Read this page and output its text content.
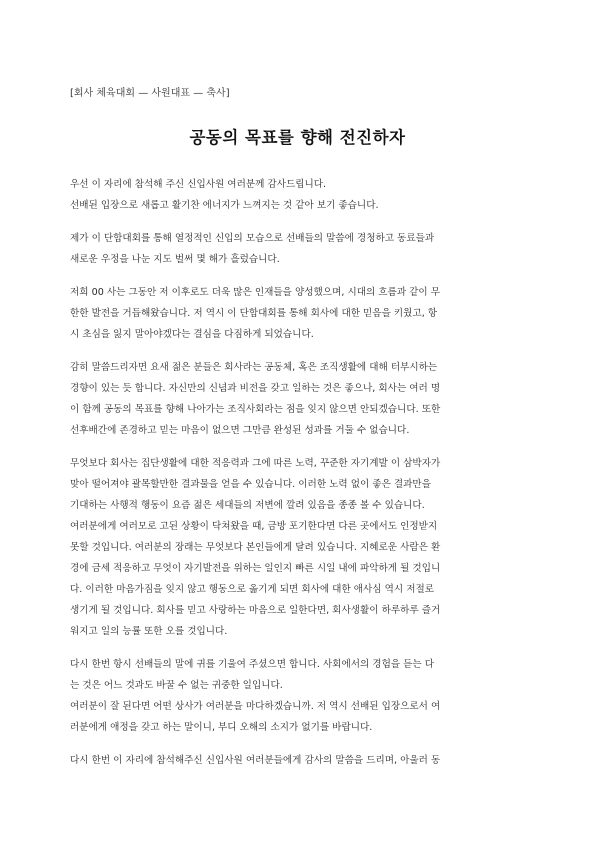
[회사 체육대회 — 사원대표 — 축사]
공동의 목표를 향해 전진하자
우선 이 자리에 참석해 주신 신입사원 여러분께 감사드립니다.
선배된 입장으로 새롭고 활기찬 에너지가 느껴지는 것 같아 보기 좋습니다.
제가 이 단합대회를 통해 열정적인 신입의 모습으로 선배들의 말씀에 경청하고 동료들과
새로운 우정을 나눈 지도 벌써 몇 해가 흘렀습니다.
저희 00 사는 그동안 저 이후로도 더욱 많은 인재들을 양성했으며, 시대의 흐름과 같이 무
한한 발전을 거듭해왔습니다. 저 역시 이 단합대회를 통해 회사에 대한 믿음을 키웠고, 항
시 초심을 잃지 말아야겠다는 결심을 다짐하게 되었습니다.
감히 말씀드리자면 요새 젊은 분들은 회사라는 공동체, 혹은 조직생활에 대해 터부시하는
경향이 있는 듯 합니다. 자신만의 신념과 비전을 갖고 일하는 것은 좋으나, 회사는 여러 명
이 함께 공동의 목표를 향해 나아가는 조직사회라는 점을 잊지 않으면 안되겠습니다. 또한
선후배간에 존경하고 믿는 마음이 없으면 그만큼 완성된 성과를 거둘 수 없습니다.
무엇보다 회사는 집단생활에 대한 적응력과 그에 따른 노력, 꾸준한 자기계발 이 삼박자가
맞아 떨어져야 괄목할만한 결과물을 얻을 수 있습니다. 이러한 노력 없이 좋은 결과만을
기대하는 사행적 행동이 요즘 젊은 세대들의 저변에 깔려 있음을 종종 볼 수 있습니다.
여러분에게 여러모로 고된 상황이 닥쳐왔을 때, 금방 포기한다면 다른 곳에서도 인정받지
못할 것입니다. 여러분의 장래는 무엇보다 본인들에게 달려 있습니다. 지혜로운 사람은 환
경에 금세 적응하고 무엇이 자기발전을 위하는 일인지 빠른 시일 내에 파악하게 될 것입니
다. 이러한 마음가짐을 잊지 않고 행동으로 옮기게 되면 회사에 대한 애사심 역시 저절로
생기게 될 것입니다. 회사를 믿고 사랑하는 마음으로 일한다면, 회사생활이 하루하루 즐거
워지고 일의 능률 또한 오를 것입니다.
다시 한번 항시 선배들의 말에 귀를 기울여 주셨으면 합니다. 사회에서의 경험을 듣는 다
는 것은 어느 것과도 바꿀 수 없는 귀중한 일입니다.
여러분이 잘 된다면 어떤 상사가 여러분을 마다하겠습니까. 저 역시 선배된 입장으로서 여
러분에게 애정을 갖고 하는 말이니, 부디 오해의 소지가 없기를 바랍니다.
다시 한번 이 자리에 참석해주신 신입사원 여러분들에게 감사의 말씀을 드리며, 아울러 동
